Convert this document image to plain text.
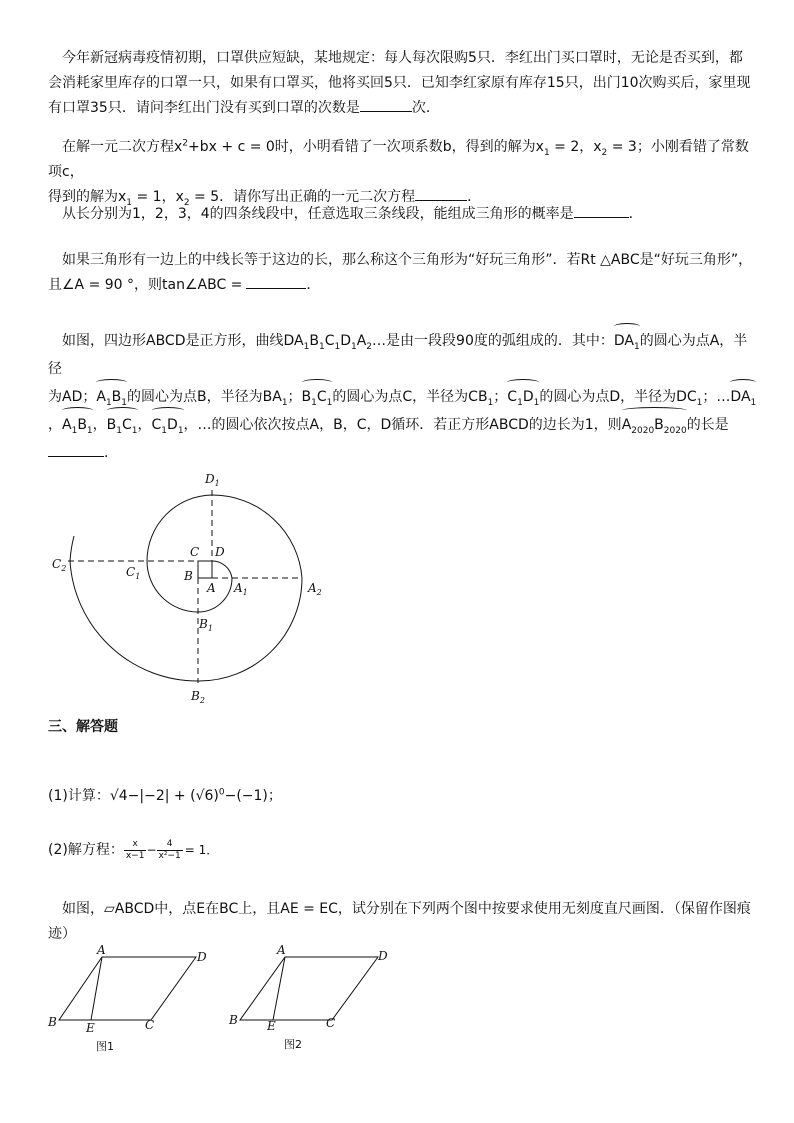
今年新冠病毒疫情初期，口罩供应短缺，某地规定：每人每次限购5只．李红出门买口罩时，无论是否买到，都

会消耗家里库存的口罩一只，如果有口罩买，他将买回5只．已知李红家原有库存15只，出门10次购买后，家里现

有口罩35只．请问李红出门没有买到口罩的次数是	次．

在解一元二次方程$x^2+bx + c = 0$时，小明看错了一次项系数b，得到的解为$x_1 = 2$，$x_2 = 3$；小刚看错了常数项c，

得到的解为$x_1 = 1$，$x_2 = 5$．请你写出正确的一元二次方程	．

从长分别为1，2，3，4的四条线段中，任意选取三条线段，能组成三角形的概率是	．

如果三角形有一边上的中线长等于这边的长，那么称这个三角形为“好玩三角形”．若Rt △ABC是“好玩三角形”，

且∠A = 90 °，则tan∠ABC =	．

如图，四边形ABCD是正方形，曲线$DA_1B_1C_1D_1A_2\dots$是由一段段90度的弧组成的．其中：$DA_1$的圆心为点A，半径

为AD；$A_1B_1$的圆心为点B，半径为$BA_1$；$B_1C_1$的圆心为点C，半径为$CB_1$；$C_1D_1$的圆心为点D，半径为$DC_1$；$\dots DA_1$

，$A_1B_1$，$B_1C_1$，$C_1D_1$，…的圆心依次按点A，B，C，D循环．若正方形ABCD的边长为1，则$A_{2020}B_{2020}$的长是

．

$D_1$
C D
$C_2$	$C_1$	B
A $A_1$	$A_2$
$B_1$
$B_2$
三、解答题

(1)计算：$√4-|-2| + (√6)^0-(-1)$；

(2)解方程： $\frac{x}{x-1} - \frac{4}{\text{x²−1}} = 1$．

如图，▱ABCD中，点E在BC上，且AE = EC，试分别在下列两个图中按要求使用无刻度直尺画图．（保留作图痕

迹）

A	D
B E	C
图1
A	D
B E	C
图2
